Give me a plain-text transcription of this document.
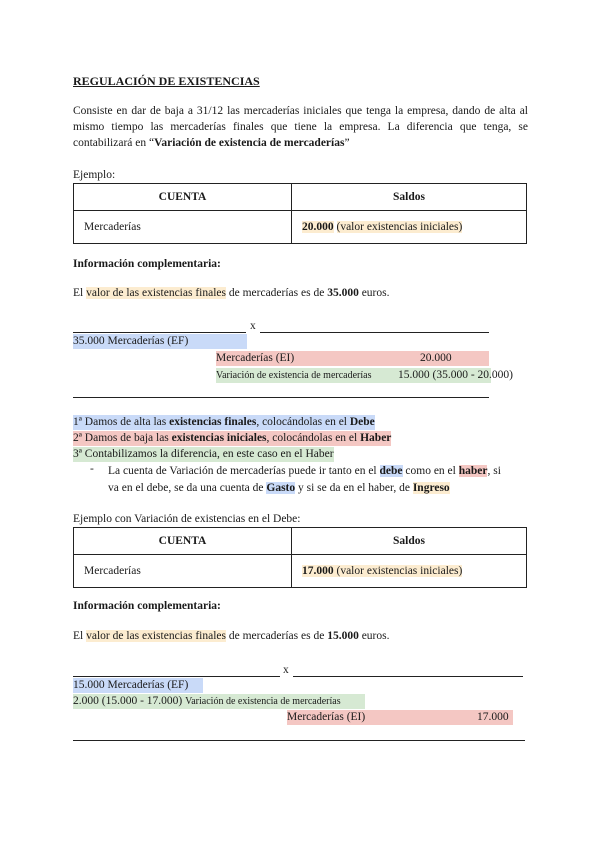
REGULACIÓN DE EXISTENCIAS
Consiste en dar de baja a 31/12 las mercaderías iniciales que tenga la empresa, dando de alta al mismo tiempo las mercaderías finales que tiene la empresa. La diferencia que tenga, se contabilizará en “Variación de existencia de mercaderías”
Ejemplo:
CUENTA	Saldos
Mercaderías	20.000 (valor existencias iniciales)
Información complementaria:
El valor de las existencias finales de mercaderías es de 35.000 euros.
x
35.000 Mercaderías (EF)
Mercaderías (EI)	20.000
Variación de existencia de mercaderías 15.000 (35.000 - 20.000)
1ª Damos de alta las existencias finales, colocándolas en el Debe
2ª Damos de baja las existencias iniciales, colocándolas en el Haber
3ª Contabilizamos la diferencia, en este caso en el Haber
- La cuenta de Variación de mercaderías puede ir tanto en el debe como en el haber, si
va en el debe, se da una cuenta de Gasto y si se da en el haber, de Ingreso
Ejemplo con Variación de existencias en el Debe:
CUENTA	Saldos
Mercaderías	17.000 (valor existencias iniciales)
Información complementaria:
El valor de las existencias finales de mercaderías es de 15.000 euros.
x
15.000 Mercaderías (EF)
2.000 (15.000 - 17.000) Variación de existencia de mercaderías
Mercaderías (EI)	17.000
